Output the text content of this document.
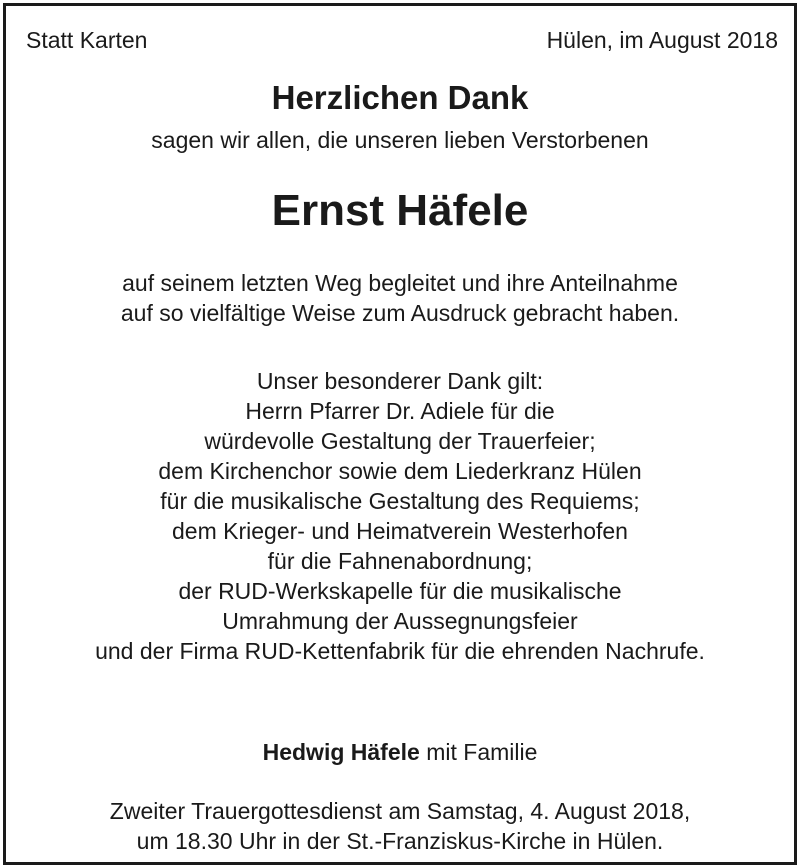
Statt Karten	Hülen, im August 2018
Herzlichen Dank
sagen wir allen, die unseren lieben Verstorbenen
Ernst Häfele
auf seinem letzten Weg begleitet und ihre Anteilnahme
auf so vielfältige Weise zum Ausdruck gebracht haben.
Unser besonderer Dank gilt:
Herrn Pfarrer Dr. Adiele für die
würdevolle Gestaltung der Trauerfeier;
dem Kirchenchor sowie dem Liederkranz Hülen
für die musikalische Gestaltung des Requiems;
dem Krieger- und Heimatverein Westerhofen
für die Fahnenabordnung;
der RUD-Werkskapelle für die musikalische
Umrahmung der Aussegnungsfeier
und der Firma RUD-Kettenfabrik für die ehrenden Nachrufe.
Hedwig Häfele mit Familie
Zweiter Trauergottesdienst am Samstag, 4. August 2018,
um 18.30 Uhr in der St.-Franziskus-Kirche in Hülen.
